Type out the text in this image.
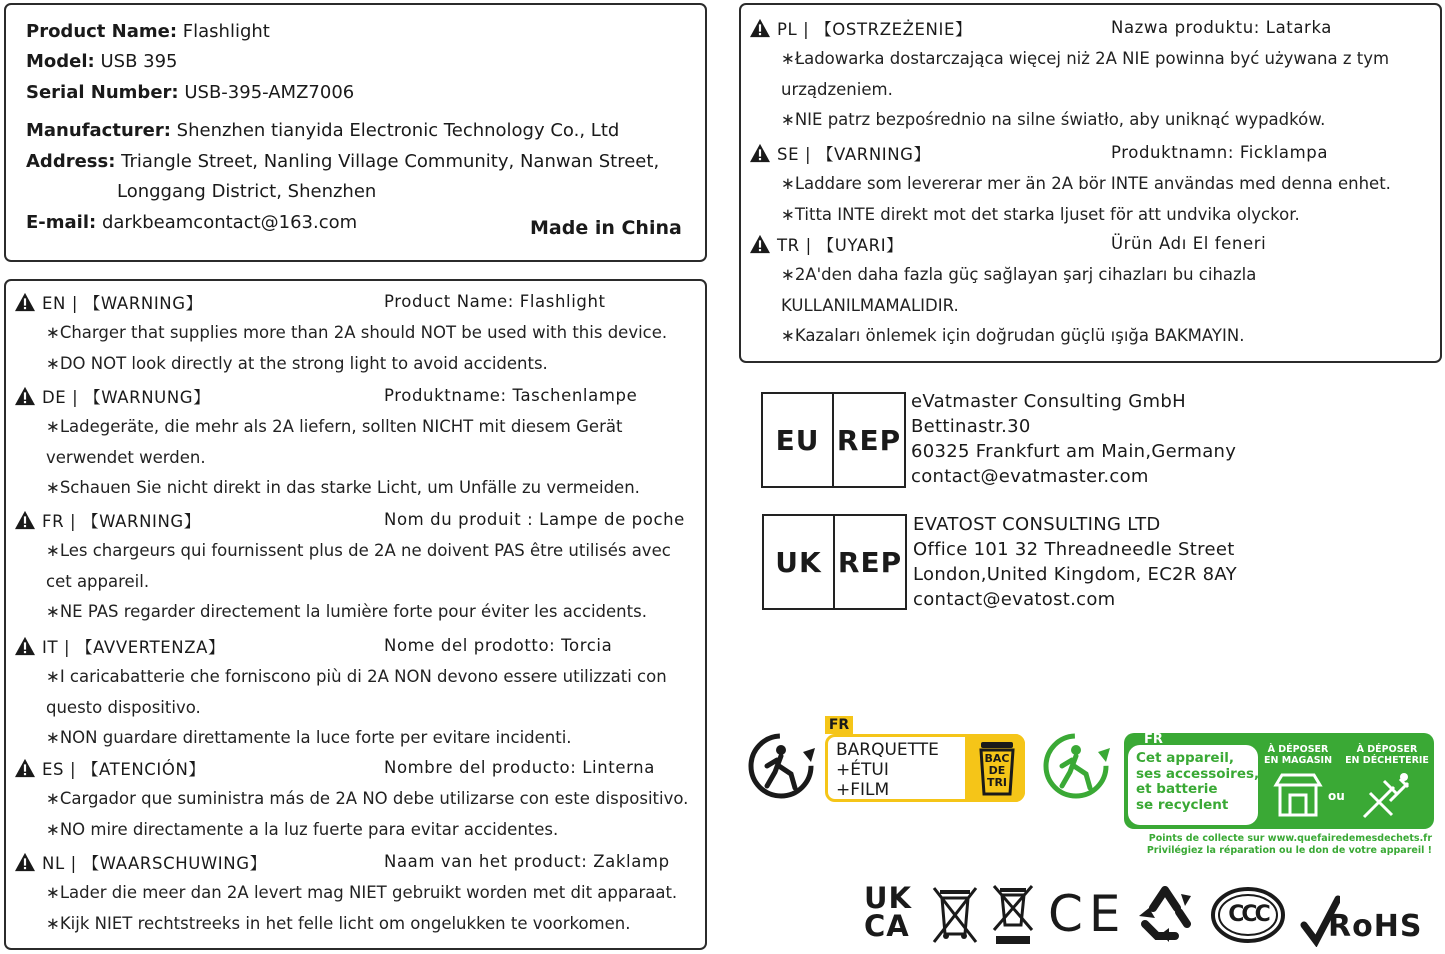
Product Name: Flashlight
Model: USB 395
Serial Number: USB-395-AMZ7006
Manufacturer: Shenzhen tianyida Electronic Technology Co., Ltd
Address: Triangle Street, Nanling Village Community, Nanwan Street,
Longgang District, Shenzhen
E-mail: darkbeamcontact@163.com	Made in China
EN | 【WARNING】	Product Name: Flashlight
∗Charger that supplies more than 2A should NOT be used with this device.
∗DO NOT look directly at the strong light to avoid accidents.
DE | 【WARNUNG】	Produktname: Taschenlampe
∗Ladegeräte, die mehr als 2A liefern, sollten NICHT mit diesem Gerät
verwendet werden.
∗Schauen Sie nicht direkt in das starke Licht, um Unfälle zu vermeiden.
FR | 【WARNING】	Nom du produit : Lampe de poche
∗Les chargeurs qui fournissent plus de 2A ne doivent PAS être utilisés avec
cet appareil.
∗NE PAS regarder directement la lumière forte pour éviter les accidents.
IT | 【AVVERTENZA】	Nome del prodotto: Torcia
∗I caricabatterie che forniscono più di 2A NON devono essere utilizzati con
questo dispositivo.
∗NON guardare direttamente la luce forte per evitare incidenti.
ES | 【ATENCIÓN】	Nombre del producto: Linterna
∗Cargador que suministra más de 2A NO debe utilizarse con este dispositivo.
∗NO mire directamente a la luz fuerte para evitar accidentes.
NL | 【WAARSCHUWING】	Naam van het product: Zaklamp
∗Lader die meer dan 2A levert mag NIET gebruikt worden met dit apparaat.
∗Kijk NIET rechtstreeks in het felle licht om ongelukken te voorkomen.
PL | 【OSTRZEŻENIE】	Nazwa produktu: Latarka
∗Ładowarka dostarczająca więcej niż 2A NIE powinna być używana z tym
urządzeniem.
∗NIE patrz bezpośrednio na silne światło, aby uniknąć wypadków.
SE | 【VARNING】	Produktnamn: Ficklampa
∗Laddare som levererar mer än 2A bör INTE användas med denna enhet.
∗Titta INTE direkt mot det starka ljuset för att undvika olyckor.
TR | 【UYARI】	Ürün Adı El feneri
∗2A'den daha fazla güç sağlayan şarj cihazları bu cihazla
KULLANILMAMALIDIR.
∗Kazaları önlemek için doğrudan güçlü ışığa BAKMAYIN.
EU REP
eVatmaster Consulting GmbH
Bettinastr.30
60325 Frankfurt am Main,Germany
contact@evatmaster.com
UK REP
EVATOST CONSULTING LTD
Office 101 32 Threadneedle Street
London,United Kingdom, EC2R 8AY
contact@evatost.com
FR
BARQUETTE
+ÉTUI
+FILM
BAC
DE
TRI
FR
Cet appareil,
ses accessoires,
et batterie
se recyclent
À DÉPOSER
EN MAGASIN
ou
À DÉPOSER
EN DÉCHETERIE
Points de collecte sur www.quefairedemesdechets.fr
Privilégiez la réparation ou le don de votre appareil !
UK
CA	CE	CCC	RoHS
